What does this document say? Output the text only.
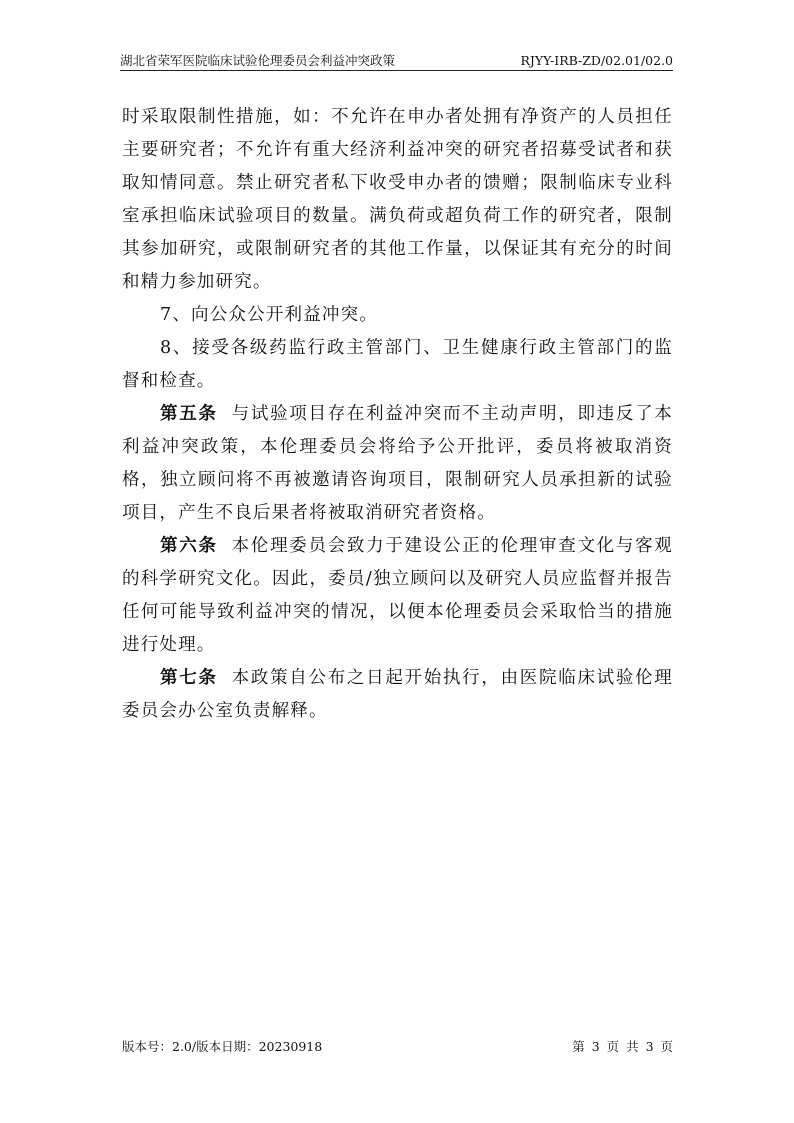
湖北省荣军医院临床试验伦理委员会利益冲突政策	RJYY-IRB-ZD/02.01/02.0

时采取限制性措施，如：不允许在申办者处拥有净资产的人员担任主要研究者；不允许有重大经济利益冲突的研究者招募受试者和获取知情同意。禁止研究者私下收受申办者的馈赠；限制临床专业科室承担临床试验项目的数量。满负荷或超负荷工作的研究者，限制其参加研究，或限制研究者的其他工作量，以保证其有充分的时间和精力参加研究。

7、向公众公开利益冲突。

8、接受各级药监行政主管部门、卫生健康行政主管部门的监督和检查。

第五条 与试验项目存在利益冲突而不主动声明，即违反了本利益冲突政策，本伦理委员会将给予公开批评，委员将被取消资格，独立顾问将不再被邀请咨询项目，限制研究人员承担新的试验项目，产生不良后果者将被取消研究者资格。

第六条 本伦理委员会致力于建设公正的伦理审查文化与客观的科学研究文化。因此，委员/独立顾问以及研究人员应监督并报告任何可能导致利益冲突的情况，以便本伦理委员会采取恰当的措施进行处理。

第七条 本政策自公布之日起开始执行，由医院临床试验伦理委员会办公室负责解释。

版本号：2.0/版本日期：20230918	第 3 页 共 3 页
